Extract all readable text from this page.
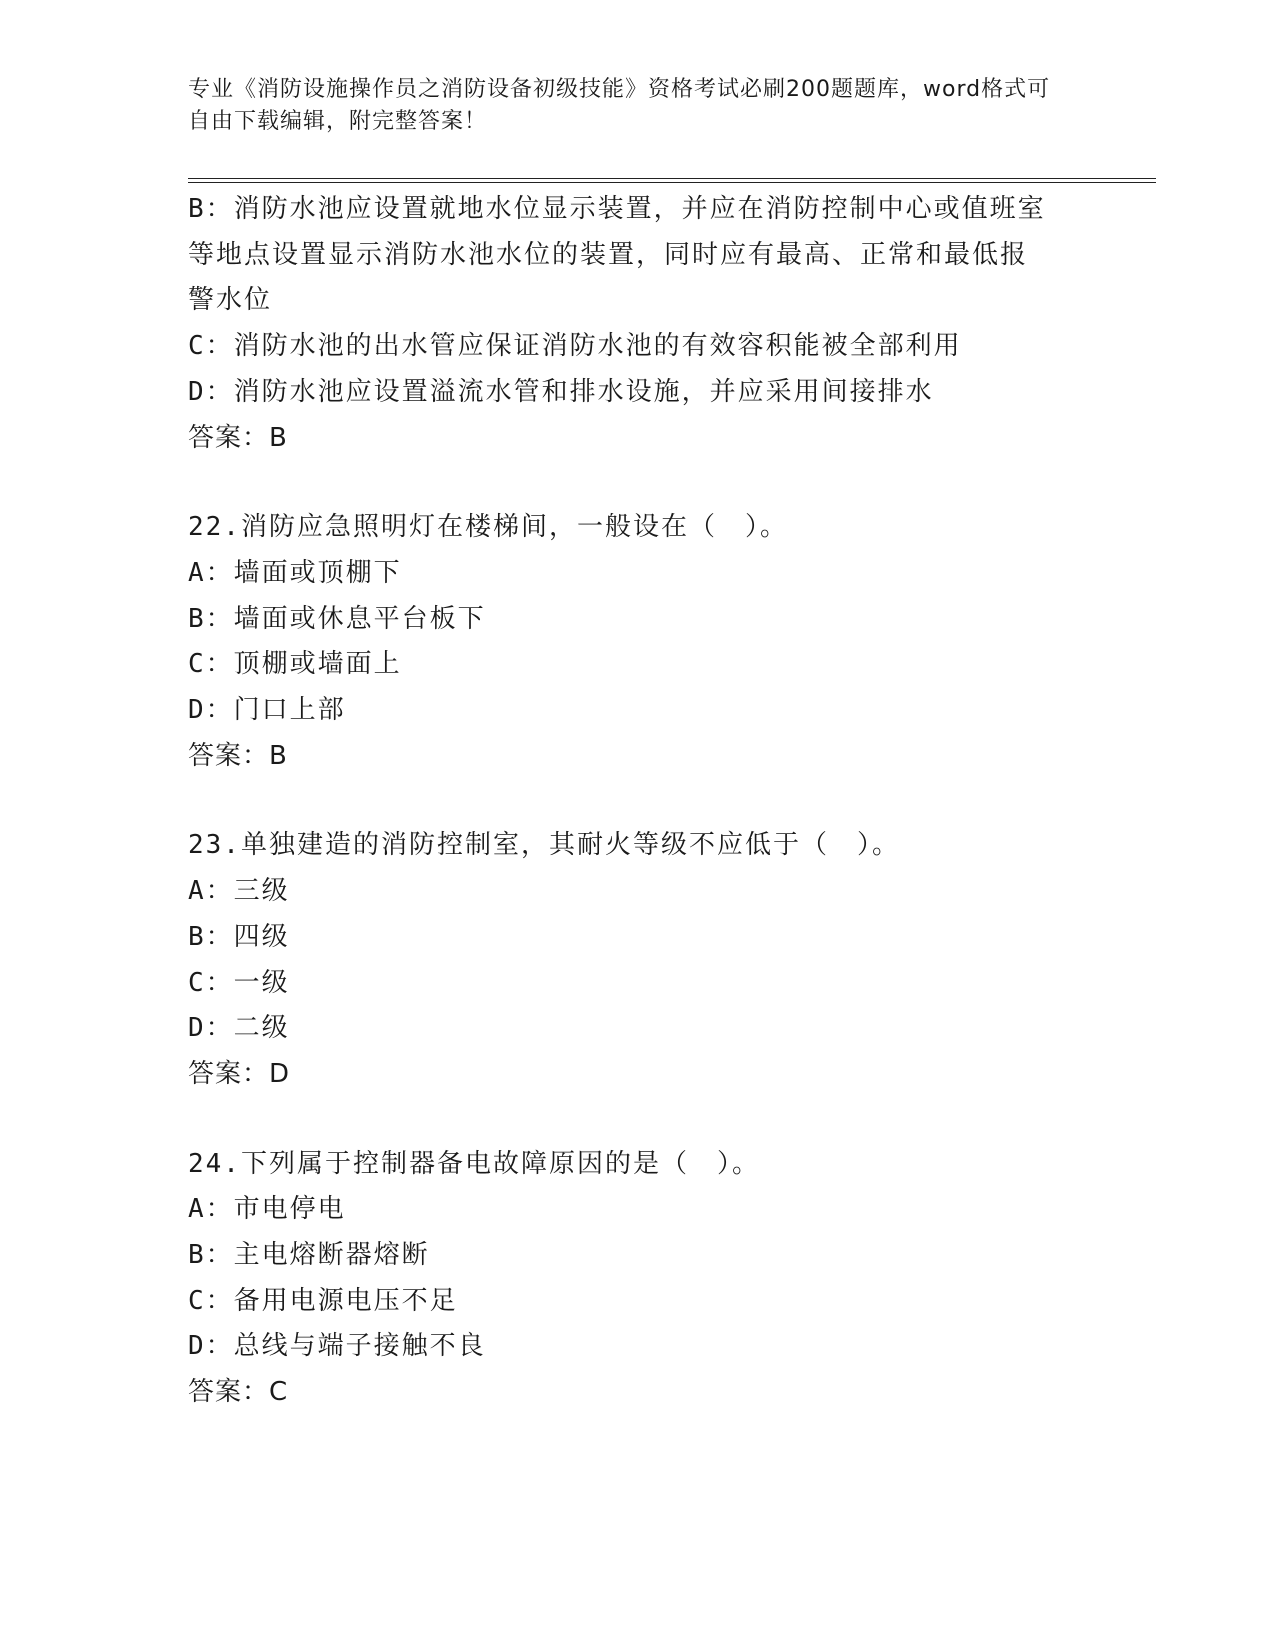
专业《消防设施操作员之消防设备初级技能》资格考试必刷200题题库，word格式可自由下载编辑，附完整答案！
B：消防水池应设置就地水位显示装置，并应在消防控制中心或值班室
等地点设置显示消防水池水位的装置，同时应有最高、正常和最低报
警水位
C：消防水池的出水管应保证消防水池的有效容积能被全部利用
D：消防水池应设置溢流水管和排水设施，并应采用间接排水
答案：B
22.消防应急照明灯在楼梯间，一般设在（　）。
A：墙面或顶棚下
B：墙面或休息平台板下
C：顶棚或墙面上
D：门口上部
答案：B
23.单独建造的消防控制室，其耐火等级不应低于（　）。
A：三级
B：四级
C：一级
D：二级
答案：D
24.下列属于控制器备电故障原因的是（　）。
A：市电停电
B：主电熔断器熔断
C：备用电源电压不足
D：总线与端子接触不良
答案：C
